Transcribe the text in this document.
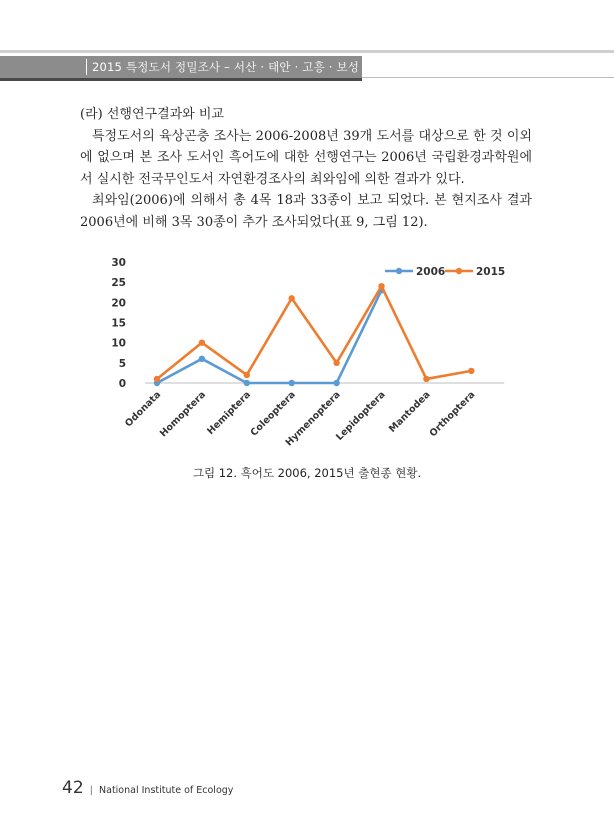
2015 특정도서 정밀조사 – 서산 · 태안 · 고흥 · 보성 권역

(라) 선행연구결과와 비교

특정도서의 육상곤충 조사는 2006-2008년 39개 도서를 대상으로 한 것 이외에 없으며 본 조사 도서인 흑어도에 대한 선행연구는 2006년 국립환경과학원에서 실시한 전국무인도서 자연환경조사의 최와임에 의한 결과가 있다.

최와임(2006)에 의해서 총 4목 18과 33종이 보고 되었다. 본 현지조사 결과 2006년에 비해 3목 30종이 추가 조사되었다(표 9, 그림 12).

0
5
10
15
20
25
30
Odonata
Homoptera
Hemiptera
Coleoptera
Hymenoptera
Lepidoptera Mantodea
Orthoptera
2006	2015
그림 12. 흑어도 2006, 2015년 출현종 현황.
42 | National Institute of Ecology
